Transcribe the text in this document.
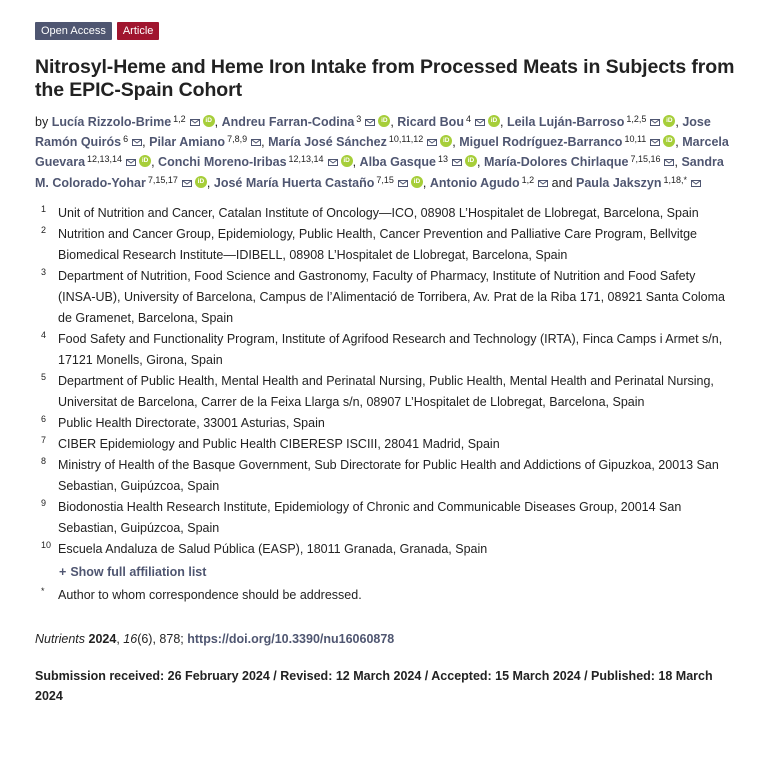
Open Access	Article
Nitrosyl-Heme and Heme Iron Intake from Processed Meats in Subjects from the EPIC-Spain Cohort
by Lucía Rizzolo-Brime $^{1,2}$ iD , Andreu Farran-Codina $^3$ iD , Ricard Bou $^4$ iD , Leila Luján-Barroso $^{1,2,5}$ iD , Jose Ramón Quirós $^6$ , Pilar Amiano $^{7,8,9}$ , María José Sánchez $^{10,11,12}$iD , Miguel Rodríguez-Barranco $^{10,11}$ iD , Marcela Guevara $^{12,13,14}$ iD , Conchi Moreno-Iribas $^{12,13,14}$ iD , Alba Gasque $^{13}$ iD , María-Dolores Chirlaque $^{7,15,16}$ , Sandra M. Colorado-Yohar $^{7,15,17}$ iD , José María Huerta Castaño $^{7,15}$ iD , Antonio Agudo $^{1,2}$ and Paula Jakszyn $^{1,18,*}$
1 Unit of Nutrition and Cancer, Catalan Institute of Oncology—ICO, 08908 L’Hospitalet de Llobregat, Barcelona, Spain
2 Nutrition and Cancer Group, Epidemiology, Public Health, Cancer Prevention and Palliative Care Program, Bellvitge Biomedical Research Institute—IDIBELL, 08908 L’Hospitalet de Llobregat, Barcelona, Spain
3 Department of Nutrition, Food Science and Gastronomy, Faculty of Pharmacy, Institute of Nutrition and Food Safety (INSA-UB), University of Barcelona, Campus de l’Alimentació de Torribera, Av. Prat de la Riba 171, 08921 Santa Coloma de Gramenet, Barcelona, Spain
4 Food Safety and Functionality Program, Institute of Agrifood Research and Technology (IRTA), Finca Camps i Armet s/n, 17121 Monells, Girona, Spain
5 Department of Public Health, Mental Health and Perinatal Nursing, Public Health, Mental Health and Perinatal Nursing, Universitat de Barcelona, Carrer de la Feixa Llarga s/n, 08907 L’Hospitalet de Llobregat, Barcelona, Spain
6 Public Health Directorate, 33001 Asturias, Spain
7 CIBER Epidemiology and Public Health CIBERESP ISCIII, 28041 Madrid, Spain
8 Ministry of Health of the Basque Government, Sub Directorate for Public Health and Addictions of Gipuzkoa, 20013 San Sebastian, Guipúzcoa, Spain
9 Biodonostia Health Research Institute, Epidemiology of Chronic and Communicable Diseases Group, 20014 San Sebastian, Guipúzcoa, Spain
10 Escuela Andaluza de Salud Pública (EASP), 18011 Granada, Granada, Spain
+ Show full affiliation list
* Author to whom correspondence should be addressed.
Nutrients 2024, 16(6), 878; https://doi.org/10.3390/nu16060878
Submission received: 26 February 2024 / Revised: 12 March 2024 / Accepted: 15 March 2024 / Published: 18 March 2024
